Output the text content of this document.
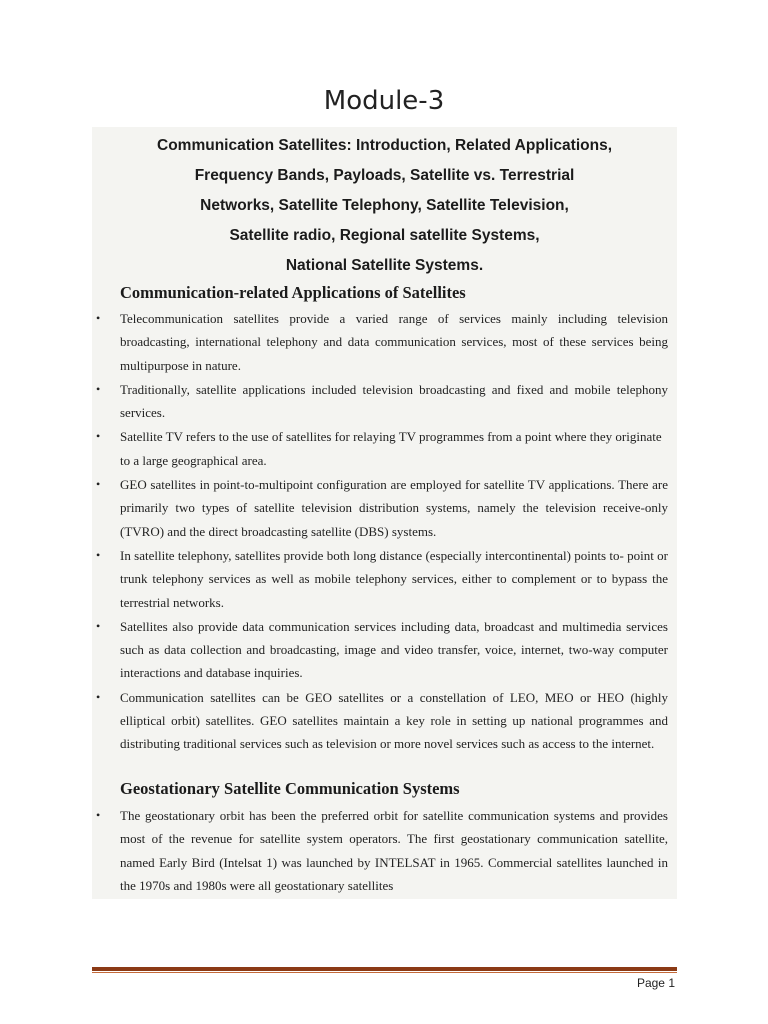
Module-3
Communication Satellites: Introduction, Related Applications,
Frequency Bands, Payloads, Satellite vs. Terrestrial
Networks, Satellite Telephony, Satellite Television,
Satellite radio, Regional satellite Systems,
National Satellite Systems.
Communication-related Applications of Satellites
• Telecommunication satellites provide a varied range of services mainly including television broadcasting, international telephony and data communication services, most of these services being multipurpose in nature.
• Traditionally, satellite applications included television broadcasting and fixed and mobile telephony services.
• Satellite TV refers to the use of satellites for relaying TV programmes from a point where they originate to a large geographical area.
• GEO satellites in point-to-multipoint configuration are employed for satellite TV applications. There are primarily two types of satellite television distribution systems, namely the television receive-only (TVRO) and the direct broadcasting satellite (DBS) systems.
• In satellite telephony, satellites provide both long distance (especially intercontinental) points to- point or trunk telephony services as well as mobile telephony services, either to complement or to bypass the terrestrial networks.
• Satellites also provide data communication services including data, broadcast and multimedia services such as data collection and broadcasting, image and video transfer, voice, internet, two-way computer interactions and database inquiries.
• Communication satellites can be GEO satellites or a constellation of LEO, MEO or HEO (highly elliptical orbit) satellites. GEO satellites maintain a key role in setting up national programmes and distributing traditional services such as television or more novel services such as access to the internet.
Geostationary Satellite Communication Systems
• The geostationary orbit has been the preferred orbit for satellite communication systems and provides most of the revenue for satellite system operators. The first geostationary communication satellite, named Early Bird (Intelsat 1) was launched by INTELSAT in 1965. Commercial satellites launched in the 1970s and 1980s were all geostationary satellites
Page 1
